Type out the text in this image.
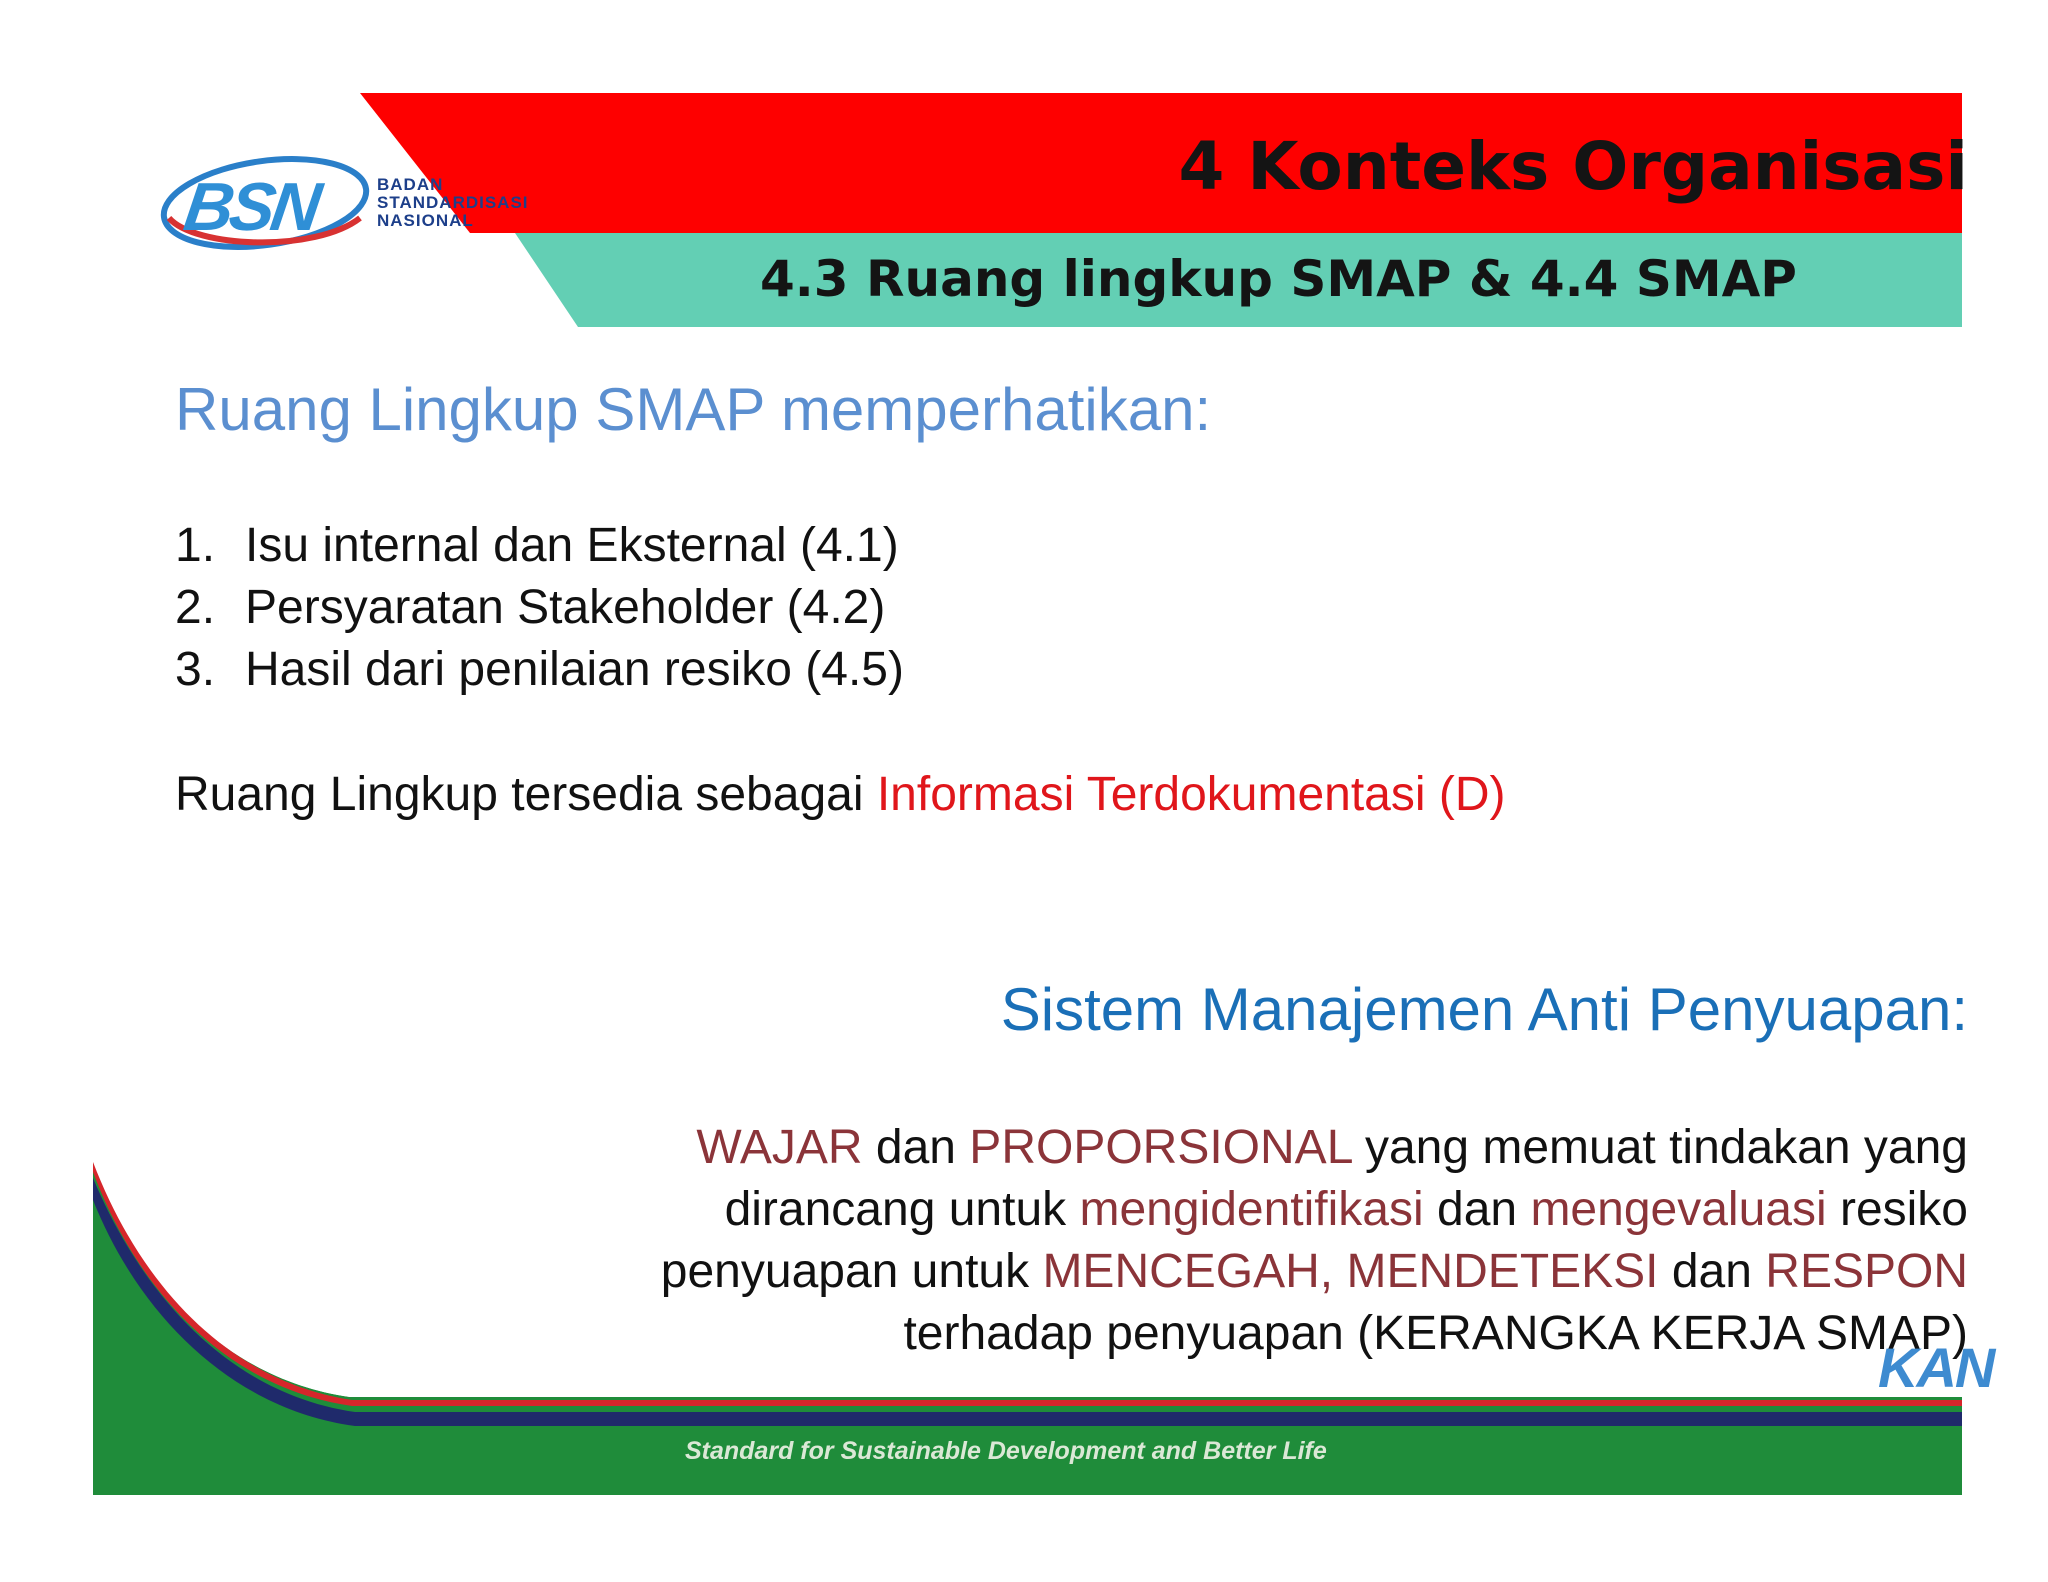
BSN	BADAN
STANDARDISASI
NASIONAL
4 Konteks Organisasi
4.3 Ruang lingkup SMAP & 4.4 SMAP
Ruang Lingkup SMAP memperhatikan:
1. Isu internal dan Eksternal (4.1)
2. Persyaratan Stakeholder (4.2)
3. Hasil dari penilaian resiko (4.5)

Ruang Lingkup tersedia sebagai Informasi Terdokumentasi (D)

Sistem Manajemen Anti Penyuapan:

WAJAR dan PROPORSIONAL yang memuat tindakan yang dirancang untuk mengidentifikasi dan mengevaluasi resiko penyuapan untuk MENCEGAH, MENDETEKSI dan RESPON terhadap penyuapan (KERANGKA KERJA SMAP)

Standard for Sustainable Development and Better Life

KAN
